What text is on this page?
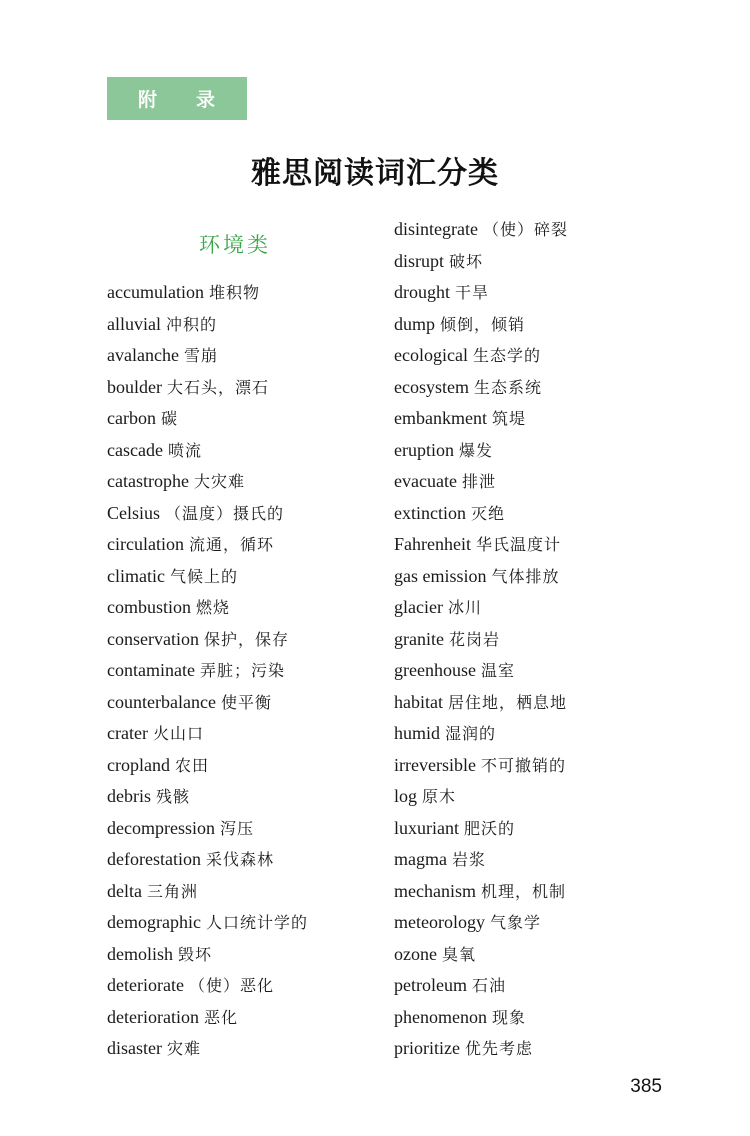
附 录
雅思阅读词汇分类
环境类
accumulation 堆积物
alluvial 冲积的
avalanche 雪崩
boulder 大石头，漂石
carbon 碳
cascade 喷流
catastrophe 大灾难
Celsius （温度）摄氏的
circulation 流通，循环
climatic 气候上的
combustion 燃烧
conservation 保护，保存
contaminate 弄脏；污染
counterbalance 使平衡
crater 火山口
cropland 农田
debris 残骸
decompression 泻压
deforestation 采伐森林
delta 三角洲
demographic 人口统计学的
demolish 毁坏
deteriorate （使）恶化
deterioration 恶化
disaster 灾难
disintegrate （使）碎裂
disrupt 破坏
drought 干旱
dump 倾倒，倾销
ecological 生态学的
ecosystem 生态系统
embankment 筑堤
eruption 爆发
evacuate 排泄
extinction 灭绝
Fahrenheit 华氏温度计
gas emission 气体排放
glacier 冰川
granite 花岗岩
greenhouse 温室
habitat 居住地，栖息地
humid 湿润的
irreversible 不可撤销的
log 原木
luxuriant 肥沃的
magma 岩浆
mechanism 机理，机制
meteorology 气象学
ozone 臭氧
petroleum 石油
phenomenon 现象
prioritize 优先考虑
385
